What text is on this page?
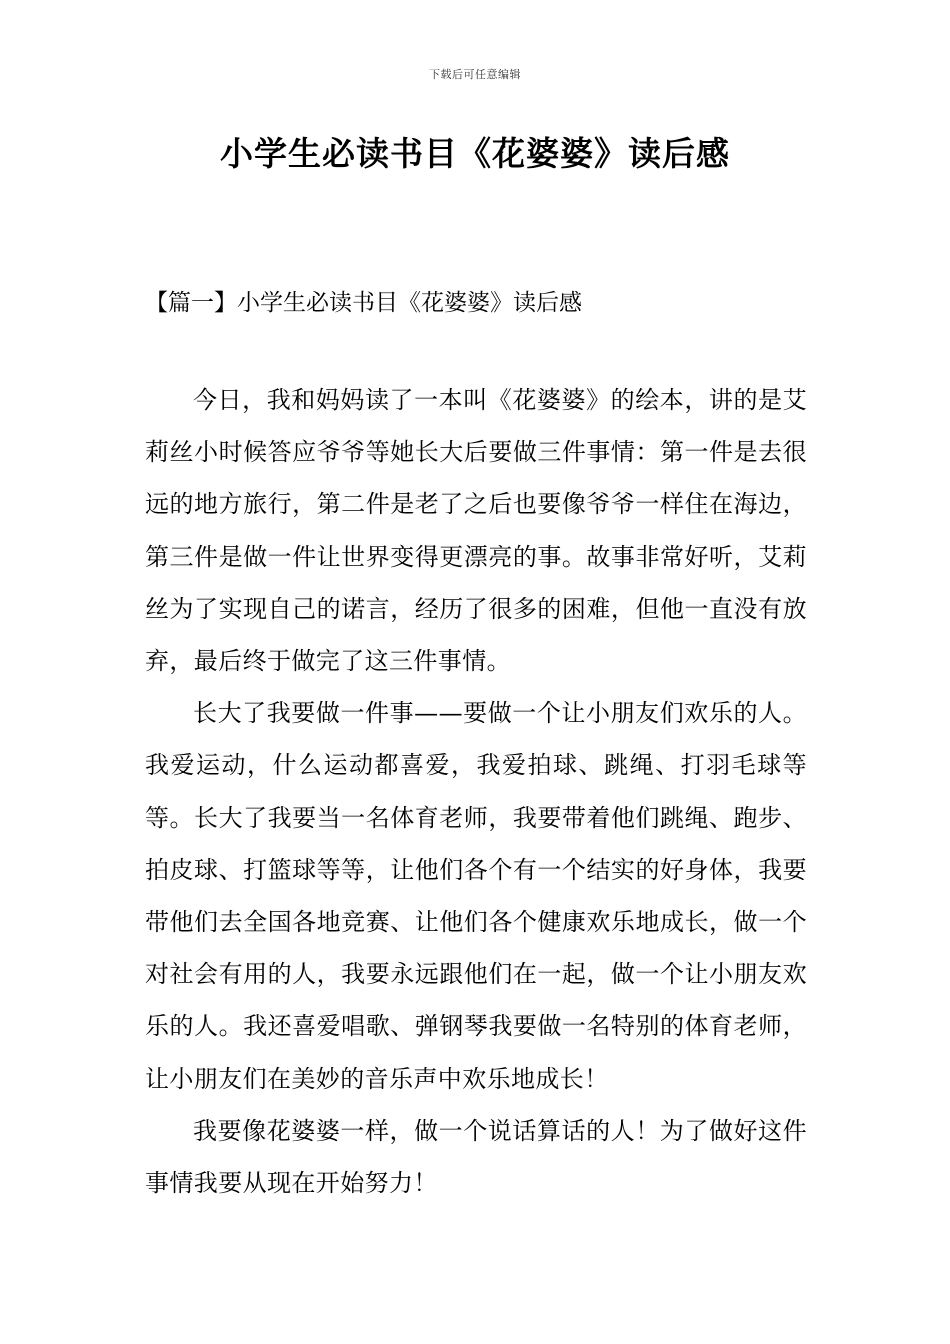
下载后可任意编辑
小学生必读书目《花婆婆》读后感
【篇一】小学生必读书目《花婆婆》读后感

今日，我和妈妈读了一本叫《花婆婆》的绘本，讲的是艾莉丝小时候答应爷爷等她长大后要做三件事情：第一件是去很远的地方旅行，第二件是老了之后也要像爷爷一样住在海边，第三件是做一件让世界变得更漂亮的事。故事非常好听，艾莉丝为了实现自己的诺言，经历了很多的困难，但他一直没有放弃，最后终于做完了这三件事情。

长大了我要做一件事——要做一个让小朋友们欢乐的人。我爱运动，什么运动都喜爱，我爱拍球、跳绳、打羽毛球等等。长大了我要当一名体育老师，我要带着他们跳绳、跑步、拍皮球、打篮球等等，让他们各个有一个结实的好身体，我要带他们去全国各地竞赛、让他们各个健康欢乐地成长，做一个对社会有用的人，我要永远跟他们在一起，做一个让小朋友欢乐的人。我还喜爱唱歌、弹钢琴我要做一名特别的体育老师，让小朋友们在美妙的音乐声中欢乐地成长！

我要像花婆婆一样，做一个说话算话的人！为了做好这件事情我要从现在开始努力！
